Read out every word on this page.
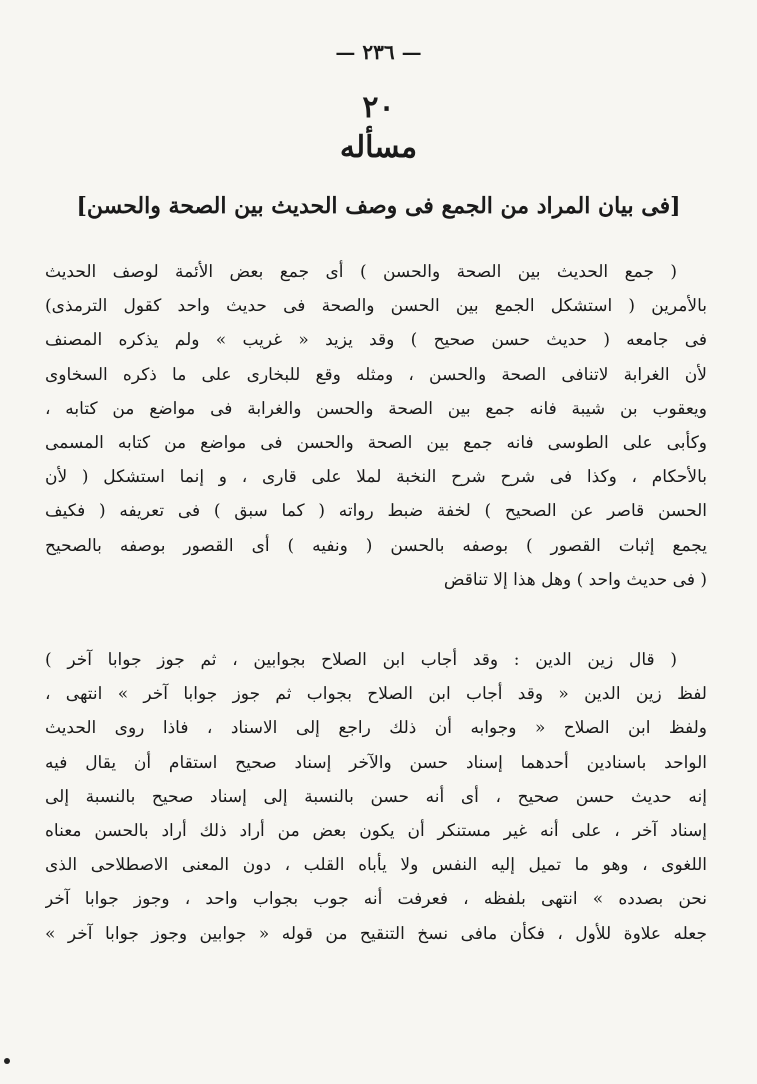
— ٢٣٦ —
٢٠
مسأله
[فى بيان المراد من الجمع فى وصف الحديث بين الصحة والحسن]
( جمع الحديث بين الصحة والحسن ) أى جمع بعض الأئمة لوصف الحديث
بالأمرين ( استشكل الجمع بين الحسن والصحة فى حديث واحد كقول الترمذى)
فى جامعه ( حديث حسن صحيح ) وقد يزيد « غريب » ولم يذكره المصنف
لأن الغرابة لاتنافى الصحة والحسن ، ومثله وقع للبخارى على ما ذكره السخاوى
ويعقوب بن شيبة فانه جمع بين الصحة والحسن والغرابة فى مواضع من كتابه ،
وكأبى على الطوسى فانه جمع بين الصحة والحسن فى مواضع من كتابه المسمى
بالأحكام ، وكذا فى شرح شرح النخبة لملا على قارى ، و إنما استشكل ( لأن
الحسن قاصر عن الصحيح ) لخفة ضبط رواته ( كما سبق ) فى تعريفه ( فكيف
يجمع إثبات القصور ) بوصفه بالحسن ( ونفيه ) أى القصور بوصفه بالصحيح
( فى حديث واحد ) وهل هذا إلا تناقض
( قال زين الدين : وقد أجاب ابن الصلاح بجوابين ، ثم جوز جوابا آخر )
لفظ زين الدين « وقد أجاب ابن الصلاح بجواب ثم جوز جوابا آخر » انتهى ،
ولفظ ابن الصلاح « وجوابه أن ذلك راجع إلى الاسناد ، فاذا روى الحديث
الواحد باسنادين أحدهما إسناد حسن والآخر إسناد صحيح استقام أن يقال فيه
إنه حديث حسن صحيح ، أى أنه حسن بالنسبة إلى إسناد صحيح بالنسبة إلى
إسناد آخر ، على أنه غير مستنكر أن يكون بعض من أراد ذلك أراد بالحسن معناه
اللغوى ، وهو ما تميل إليه النفس ولا يأباه القلب ، دون المعنى الاصطلاحى الذى
نحن بصدده » انتهى بلفظه ، فعرفت أنه جوب بجواب واحد ، وجوز جوابا آخر
جعله علاوة للأول ، فكأن مافى نسخ التنقيح من قوله « جوابين وجوز جوابا آخر »
